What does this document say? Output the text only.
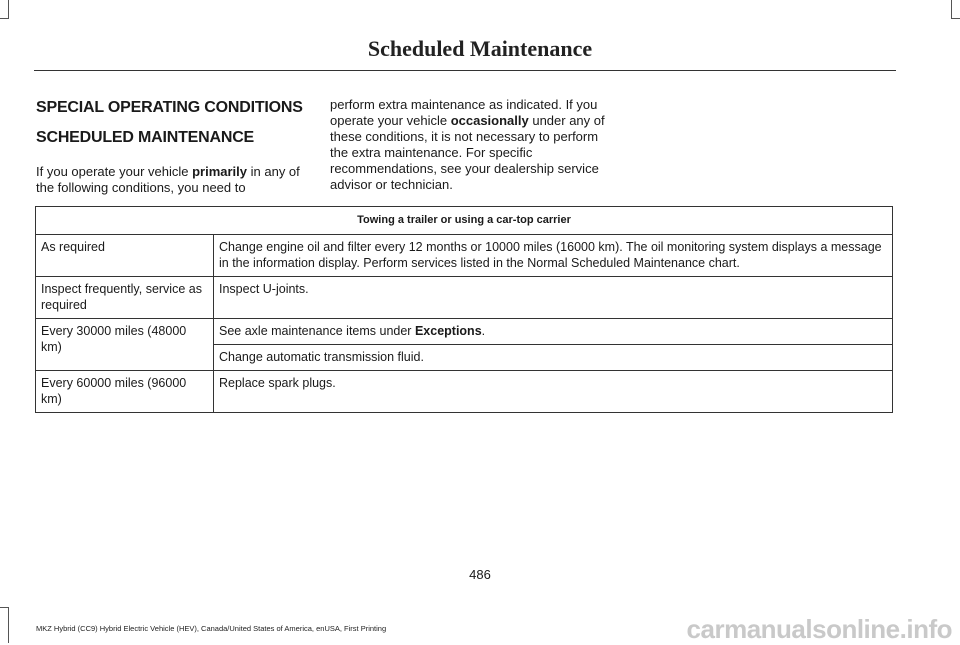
Scheduled Maintenance

SPECIAL OPERATING CONDITIONS

SCHEDULED MAINTENANCE

If you operate your vehicle primarily in any of the following conditions, you need to

perform extra maintenance as indicated. If you operate your vehicle occasionally under any of these conditions, it is not necessary to perform the extra maintenance. For specific recommendations, see your dealership service advisor or technician.

Towing a trailer or using a car-top carrier	
As required	Change engine oil and filter every 12 months or 10000 miles (16000 km). The oil monitoring system displays a message in the information display. Perform services listed in the Normal Scheduled Maintenance chart.
Inspect frequently, service as required	Inspect U-joints.
Every 30000 miles (48000 km)	See axle maintenance items under Exceptions.
	Change automatic transmission fluid.
Every 60000 miles (96000 km)	Replace spark plugs.
486
MKZ Hybrid (CC9) Hybrid Electric Vehicle (HEV), Canada/United States of America, enUSA, First Printing	carmanualsonline.info
